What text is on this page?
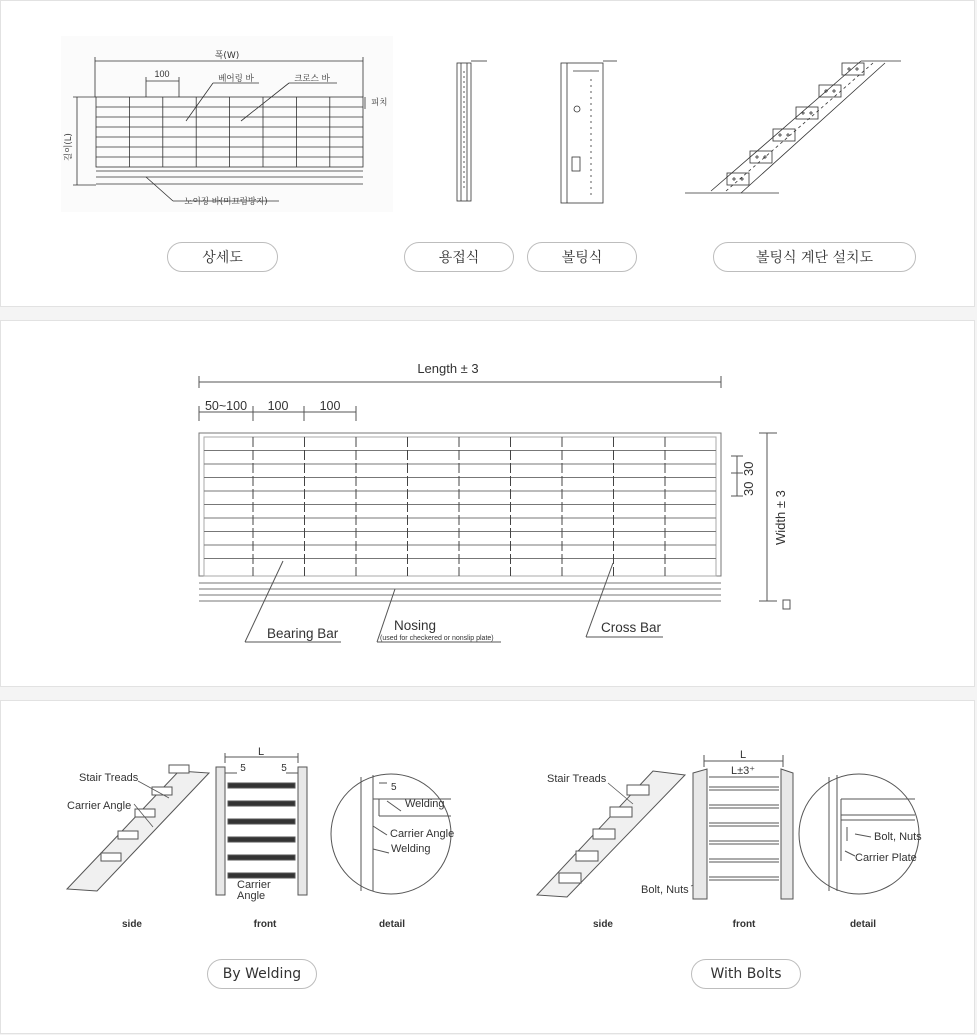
폭(W)
100	베어링 바	크로스 바
피치
길이(L)
노이징 바(미끄럼방지)
상세도	용접식	볼팅식	볼팅식 계단 설치도
Length ± 3
50~100 100 100
Width ± 3
30
30
Bearing Bar
Nosing
(used for checkered or nonslip plate)
Cross Bar
Stair Treads
Carrier Angle
L
5	5
Carrier
Angle
5
Welding
Carrier Angle
Welding
side	front	detail
Stair Treads
Bolt, Nuts
L
L±3⁺
Bolt, Nuts
Carrier Plate
side	front	detail
By Welding	With Bolts
